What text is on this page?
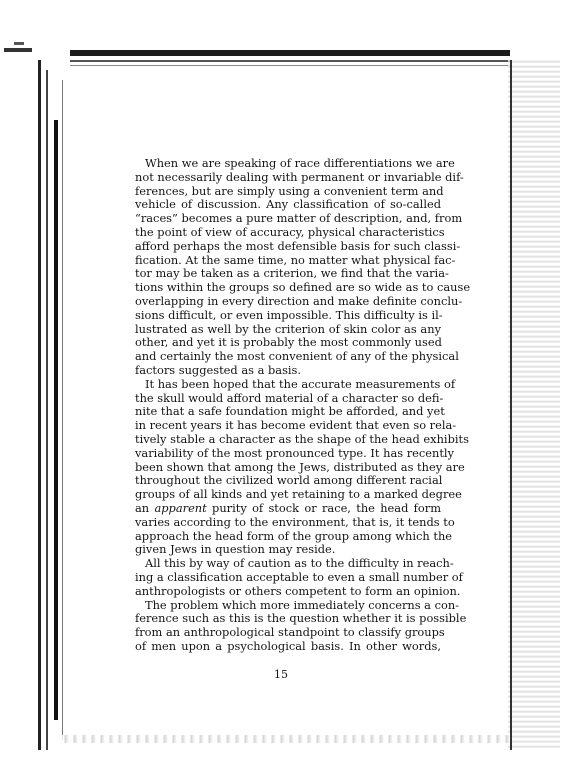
When we are speaking of race differentiations we are
not necessarily dealing with permanent or invariable dif-
ferences, but are simply using a convenient term and
vehicle of discussion. Any classification of so-called
“races” becomes a pure matter of description, and, from
the point of view of accuracy, physical characteristics
afford perhaps the most defensible basis for such classi-
fication. At the same time, no matter what physical fac-
tor may be taken as a criterion, we find that the varia-
tions within the groups so defined are so wide as to cause
overlapping in every direction and make definite conclu-
sions difficult, or even impossible. This difficulty is il-
lustrated as well by the criterion of skin color as any
other, and yet it is probably the most commonly used
and certainly the most convenient of any of the physical
factors suggested as a basis.
It has been hoped that the accurate measurements of
the skull would afford material of a character so defi-
nite that a safe foundation might be afforded, and yet
in recent years it has become evident that even so rela-
tively stable a character as the shape of the head exhibits
variability of the most pronounced type. It has recently
been shown that among the Jews, distributed as they are
throughout the civilized world among different racial
groups of all kinds and yet retaining to a marked degree
an apparent purity of stock or race, the head form
varies according to the environment, that is, it tends to
approach the head form of the group among which the
given Jews in question may reside.
All this by way of caution as to the difficulty in reach-
ing a classification acceptable to even a small number of
anthropologists or others competent to form an opinion.
The problem which more immediately concerns a con-
ference such as this is the question whether it is possible
from an anthropological standpoint to classify groups
of men upon a psychological basis. In other words,
15
